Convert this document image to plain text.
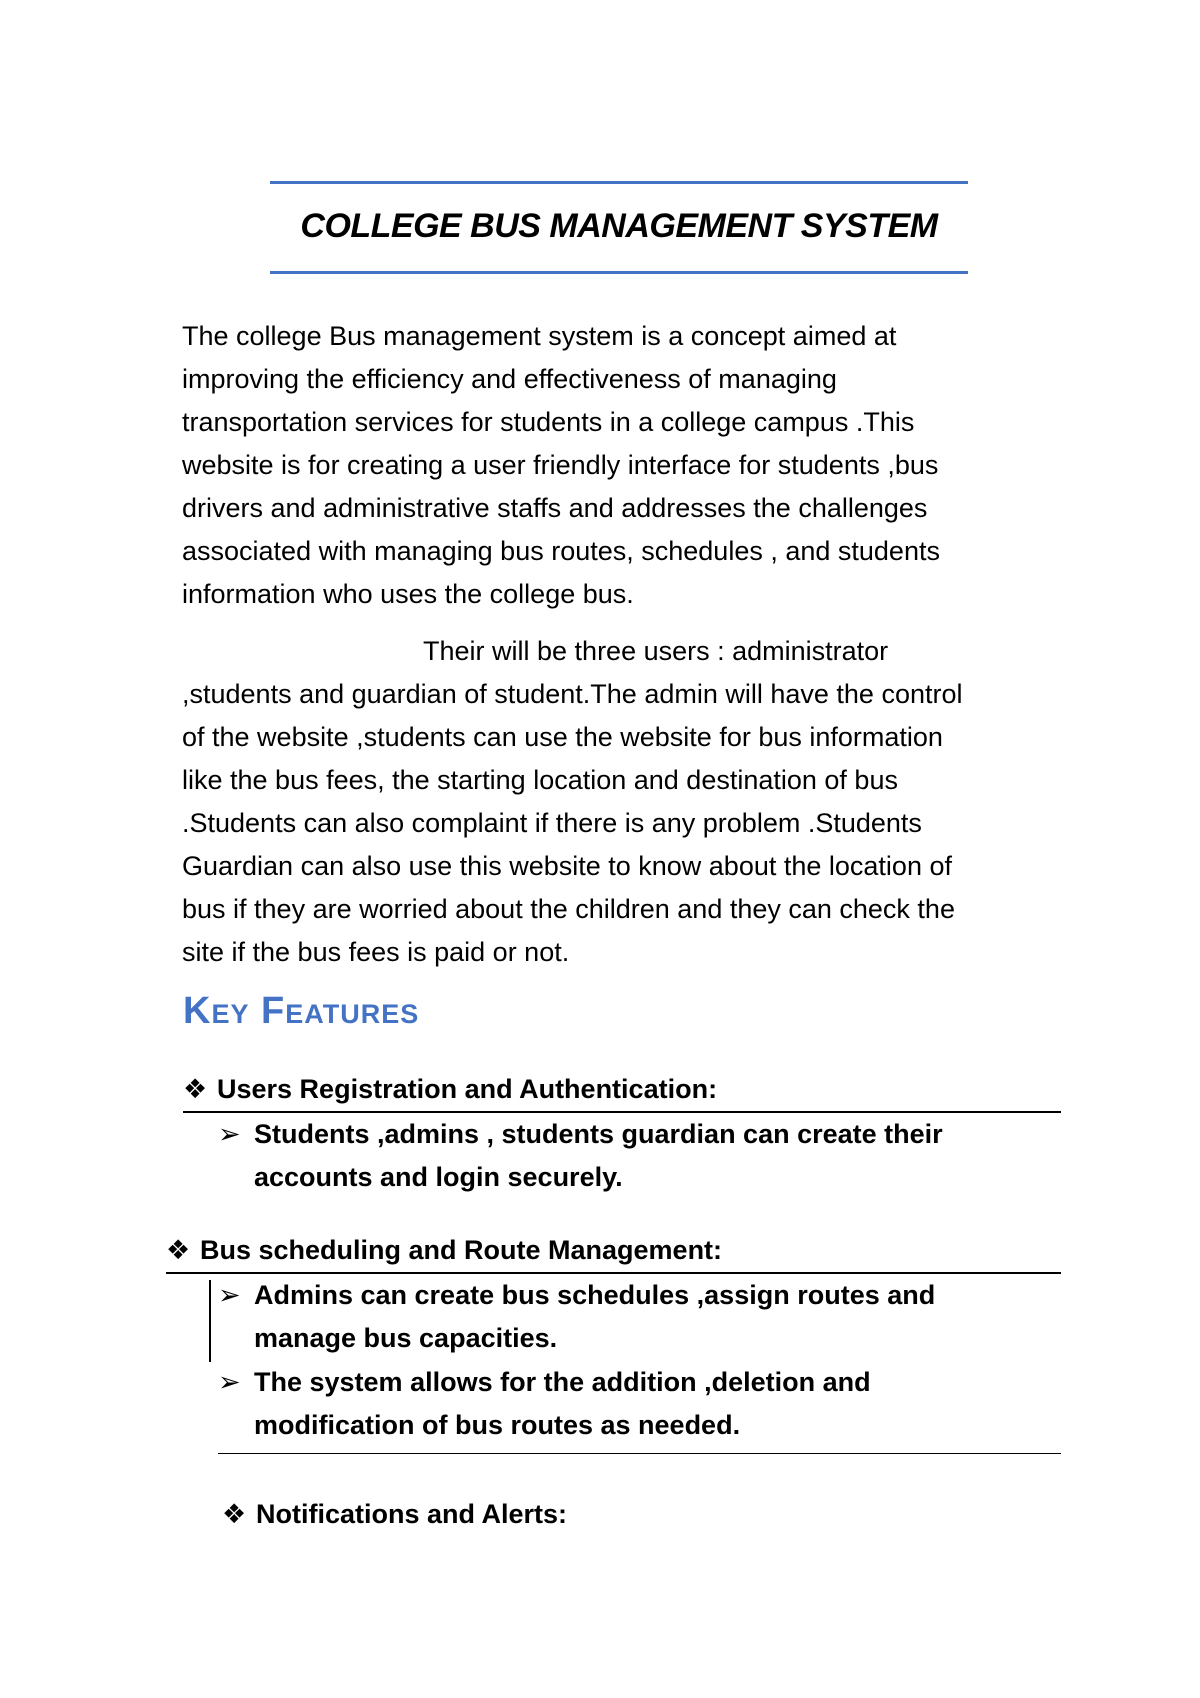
COLLEGE BUS MANAGEMENT SYSTEM

The college Bus management system is a concept aimed at

improving the efficiency and effectiveness of managing

transportation services for students in a college campus .This

website is for creating a user friendly interface for students ,bus

drivers and administrative staffs and addresses the challenges

associated with managing bus routes, schedules , and students

information who uses the college bus.

Their will be three users : administrator

,students and guardian of student.The admin will have the control

of the website ,students can use the website for bus information

like the bus fees, the starting location and destination of bus

.Students can also complaint if there is any problem .Students

Guardian can also use this website to know about the location of

bus if they are worried about the children and they can check the

site if the bus fees is paid or not.

Key Features
❖ Users Registration and Authentication:
➢ Students ,admins , students guardian can create their accounts and login securely.
❖ Bus scheduling and Route Management:
➢ Admins can create bus schedules ,assign routes and manage bus capacities.
➢ The system allows for the addition ,deletion and modification of bus routes as needed.
❖ Notifications and Alerts:
